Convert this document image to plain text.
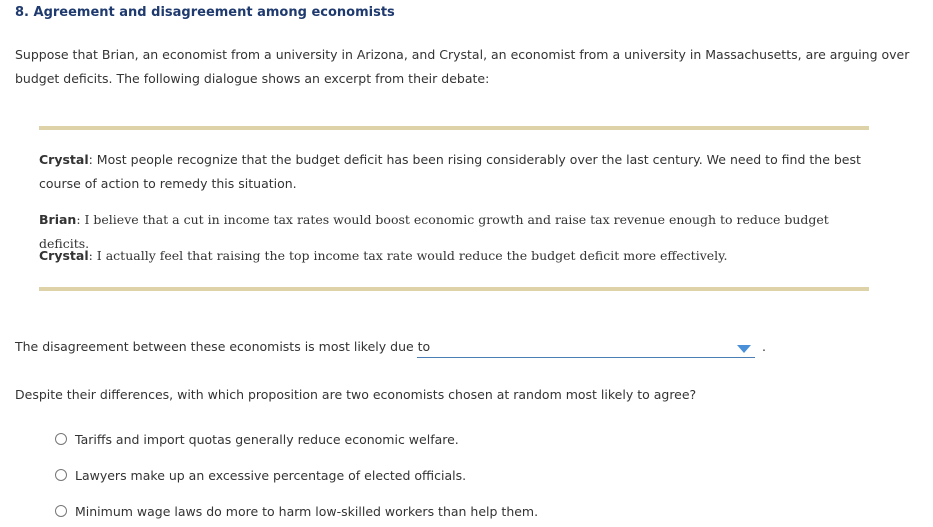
8. Agreement and disagreement among economists
Suppose that Brian, an economist from a university in Arizona, and Crystal, an economist from a university in Massachusetts, are arguing over budget deficits. The following dialogue shows an excerpt from their debate:
Crystal: Most people recognize that the budget deficit has been rising considerably over the last century. We need to find the best course of action to remedy this situation.
Brian: I believe that a cut in income tax rates would boost economic growth and raise tax revenue enough to reduce budget deficits.
Crystal: I actually feel that raising the top income tax rate would reduce the budget deficit more effectively.
The disagreement between these economists is most likely due to	.
Despite their differences, with which proposition are two economists chosen at random most likely to agree?
Tariffs and import quotas generally reduce economic welfare.
Lawyers make up an excessive percentage of elected officials.
Minimum wage laws do more to harm low-skilled workers than help them.
